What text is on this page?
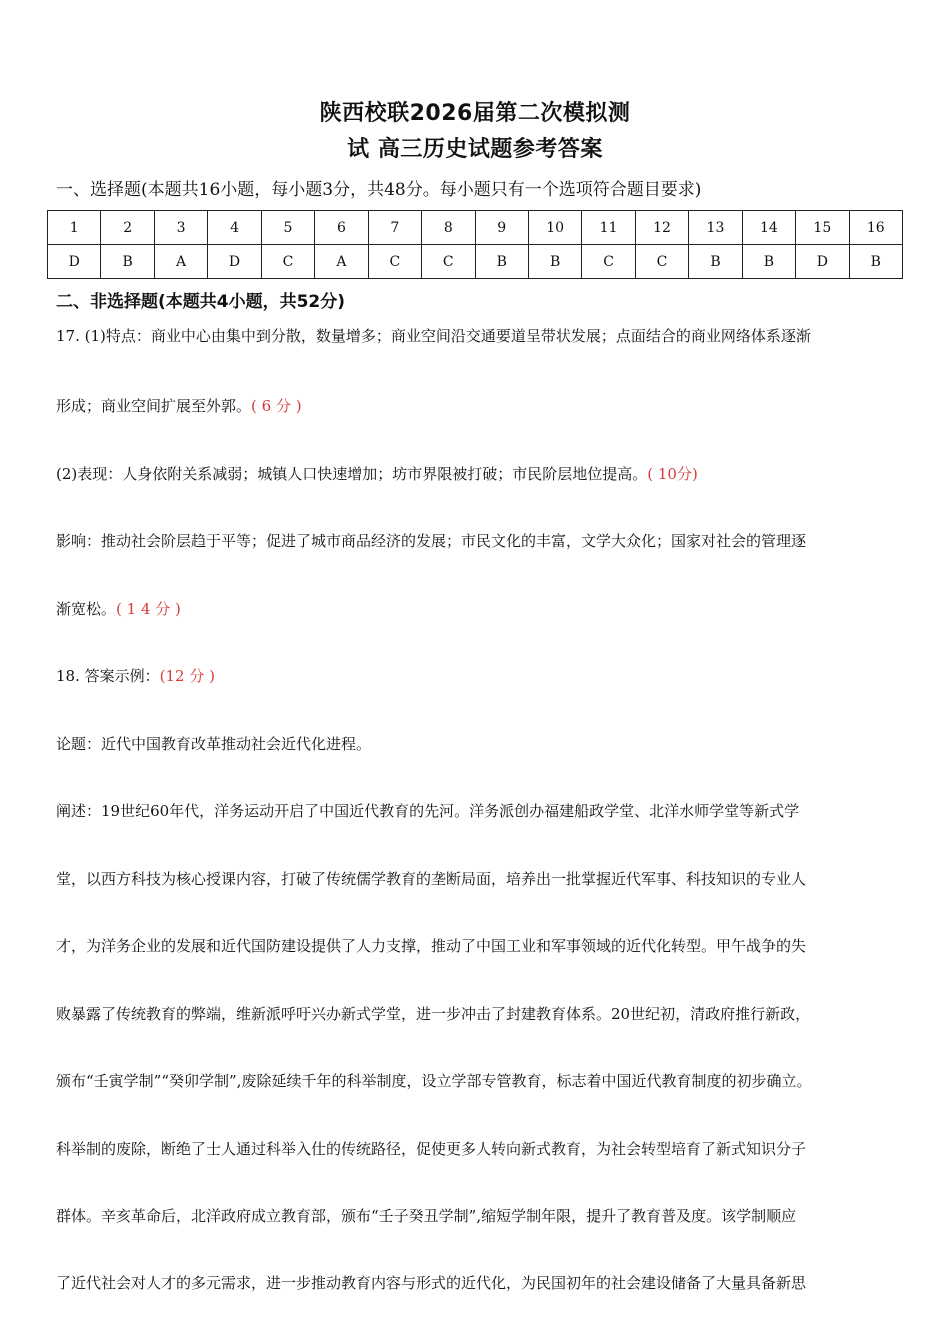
陕西校联2026届第二次模拟测
试 高三历史试题参考答案
一、选择题(本题共16小题，每小题3分，共48分。每小题只有一个选项符合题目要求)
1	2	3	4	5	6	7	8	9	10	11	12	13	14	15	16
D	B	A	D	C	A	C	C	B	B	C	C	B	B	D	B
二、非选择题(本题共4小题，共52分)
17. (1)特点：商业中心由集中到分散，数量增多；商业空间沿交通要道呈带状发展；点面结合的商业网络体系逐渐
形成；商业空间扩展至外郭。( 6 分 )
(2)表现：人身依附关系减弱；城镇人口快速增加；坊市界限被打破；市民阶层地位提高。( 10分)
影响：推动社会阶层趋于平等；促进了城市商品经济的发展；市民文化的丰富，文学大众化；国家对社会的管理逐
渐宽松。( 1 4 分 )
18. 答案示例：(12 分 )
论题：近代中国教育改革推动社会近代化进程。
阐述：19世纪60年代，洋务运动开启了中国近代教育的先河。洋务派创办福建船政学堂、北洋水师学堂等新式学
堂，以西方科技为核心授课内容，打破了传统儒学教育的垄断局面，培养出一批掌握近代军事、科技知识的专业人
才，为洋务企业的发展和近代国防建设提供了人力支撑，推动了中国工业和军事领域的近代化转型。甲午战争的失
败暴露了传统教育的弊端，维新派呼吁兴办新式学堂，进一步冲击了封建教育体系。20世纪初，清政府推行新政，
颁布“壬寅学制”“癸卯学制”,废除延续千年的科举制度，设立学部专管教育，标志着中国近代教育制度的初步确立。
科举制的废除，断绝了士人通过科举入仕的传统路径，促使更多人转向新式教育，为社会转型培育了新式知识分子
群体。辛亥革命后，北洋政府成立教育部，颁布“壬子癸丑学制”,缩短学制年限，提升了教育普及度。该学制顺应
了近代社会对人才的多元需求，进一步推动教育内容与形式的近代化，为民国初年的社会建设储备了大量具备新思
